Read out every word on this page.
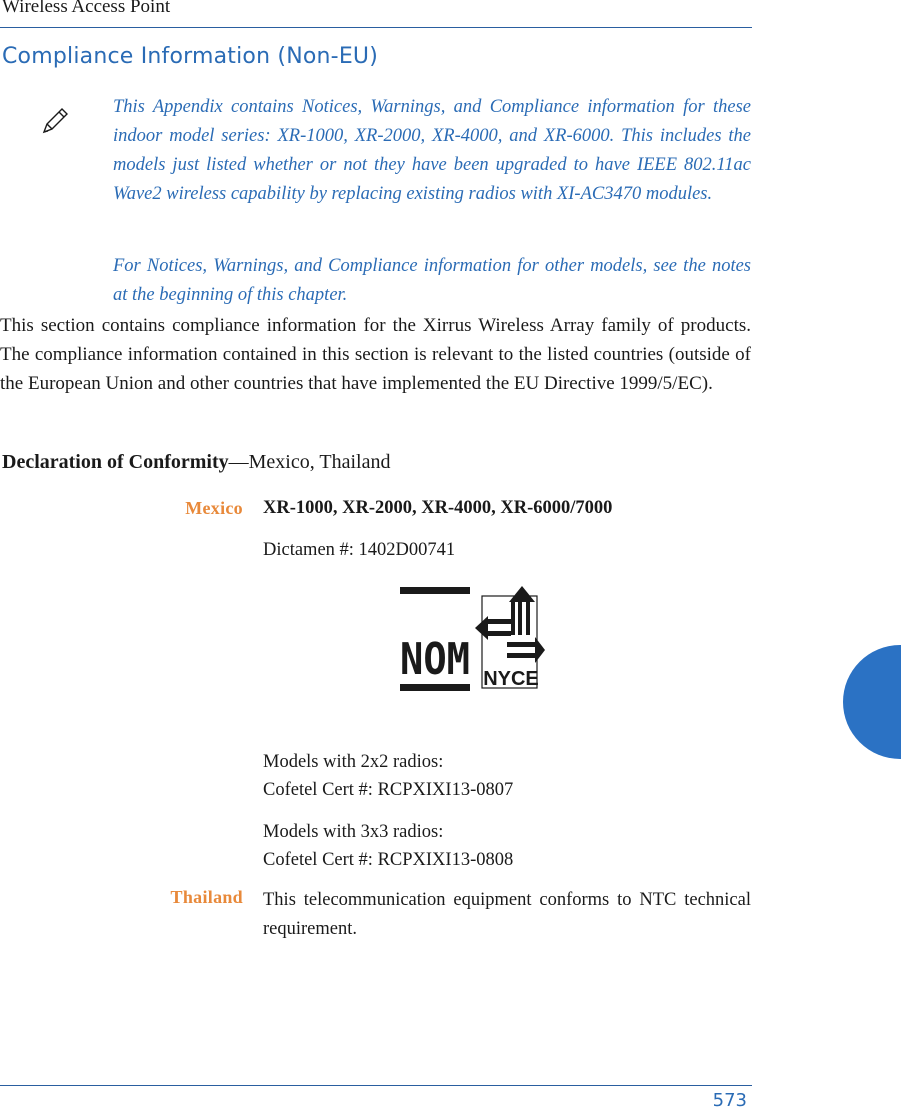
Wireless Access Point
Compliance Information (Non-EU)

This Appendix contains Notices, Warnings, and Compliance information for these indoor model series: XR-1000, XR-2000, XR-4000, and XR-6000. This includes the models just listed whether or not they have been upgraded to have IEEE 802.11ac Wave2 wireless capability by replacing existing radios with XI-AC3470 modules.

For Notices, Warnings, and Compliance information for other models, see the notes at the beginning of this chapter.

This section contains compliance information for the Xirrus Wireless Array family of products. The compliance information contained in this section is relevant to the listed countries (outside of the European Union and other countries that have implemented the EU Directive 1999/5/EC).

Declaration of Conformity—Mexico, Thailand
Mexico XR-1000, XR-2000, XR-4000, XR-6000/7000
Dictamen #: 1402D00741
NOM NYCE
Models with 2x2 radios:
Cofetel Cert #: RCPXIXI13-0807
Models with 3x3 radios:
Cofetel Cert #: RCPXIXI13-0808
Thailand This telecommunication equipment conforms to NTC technical requirement.

573
